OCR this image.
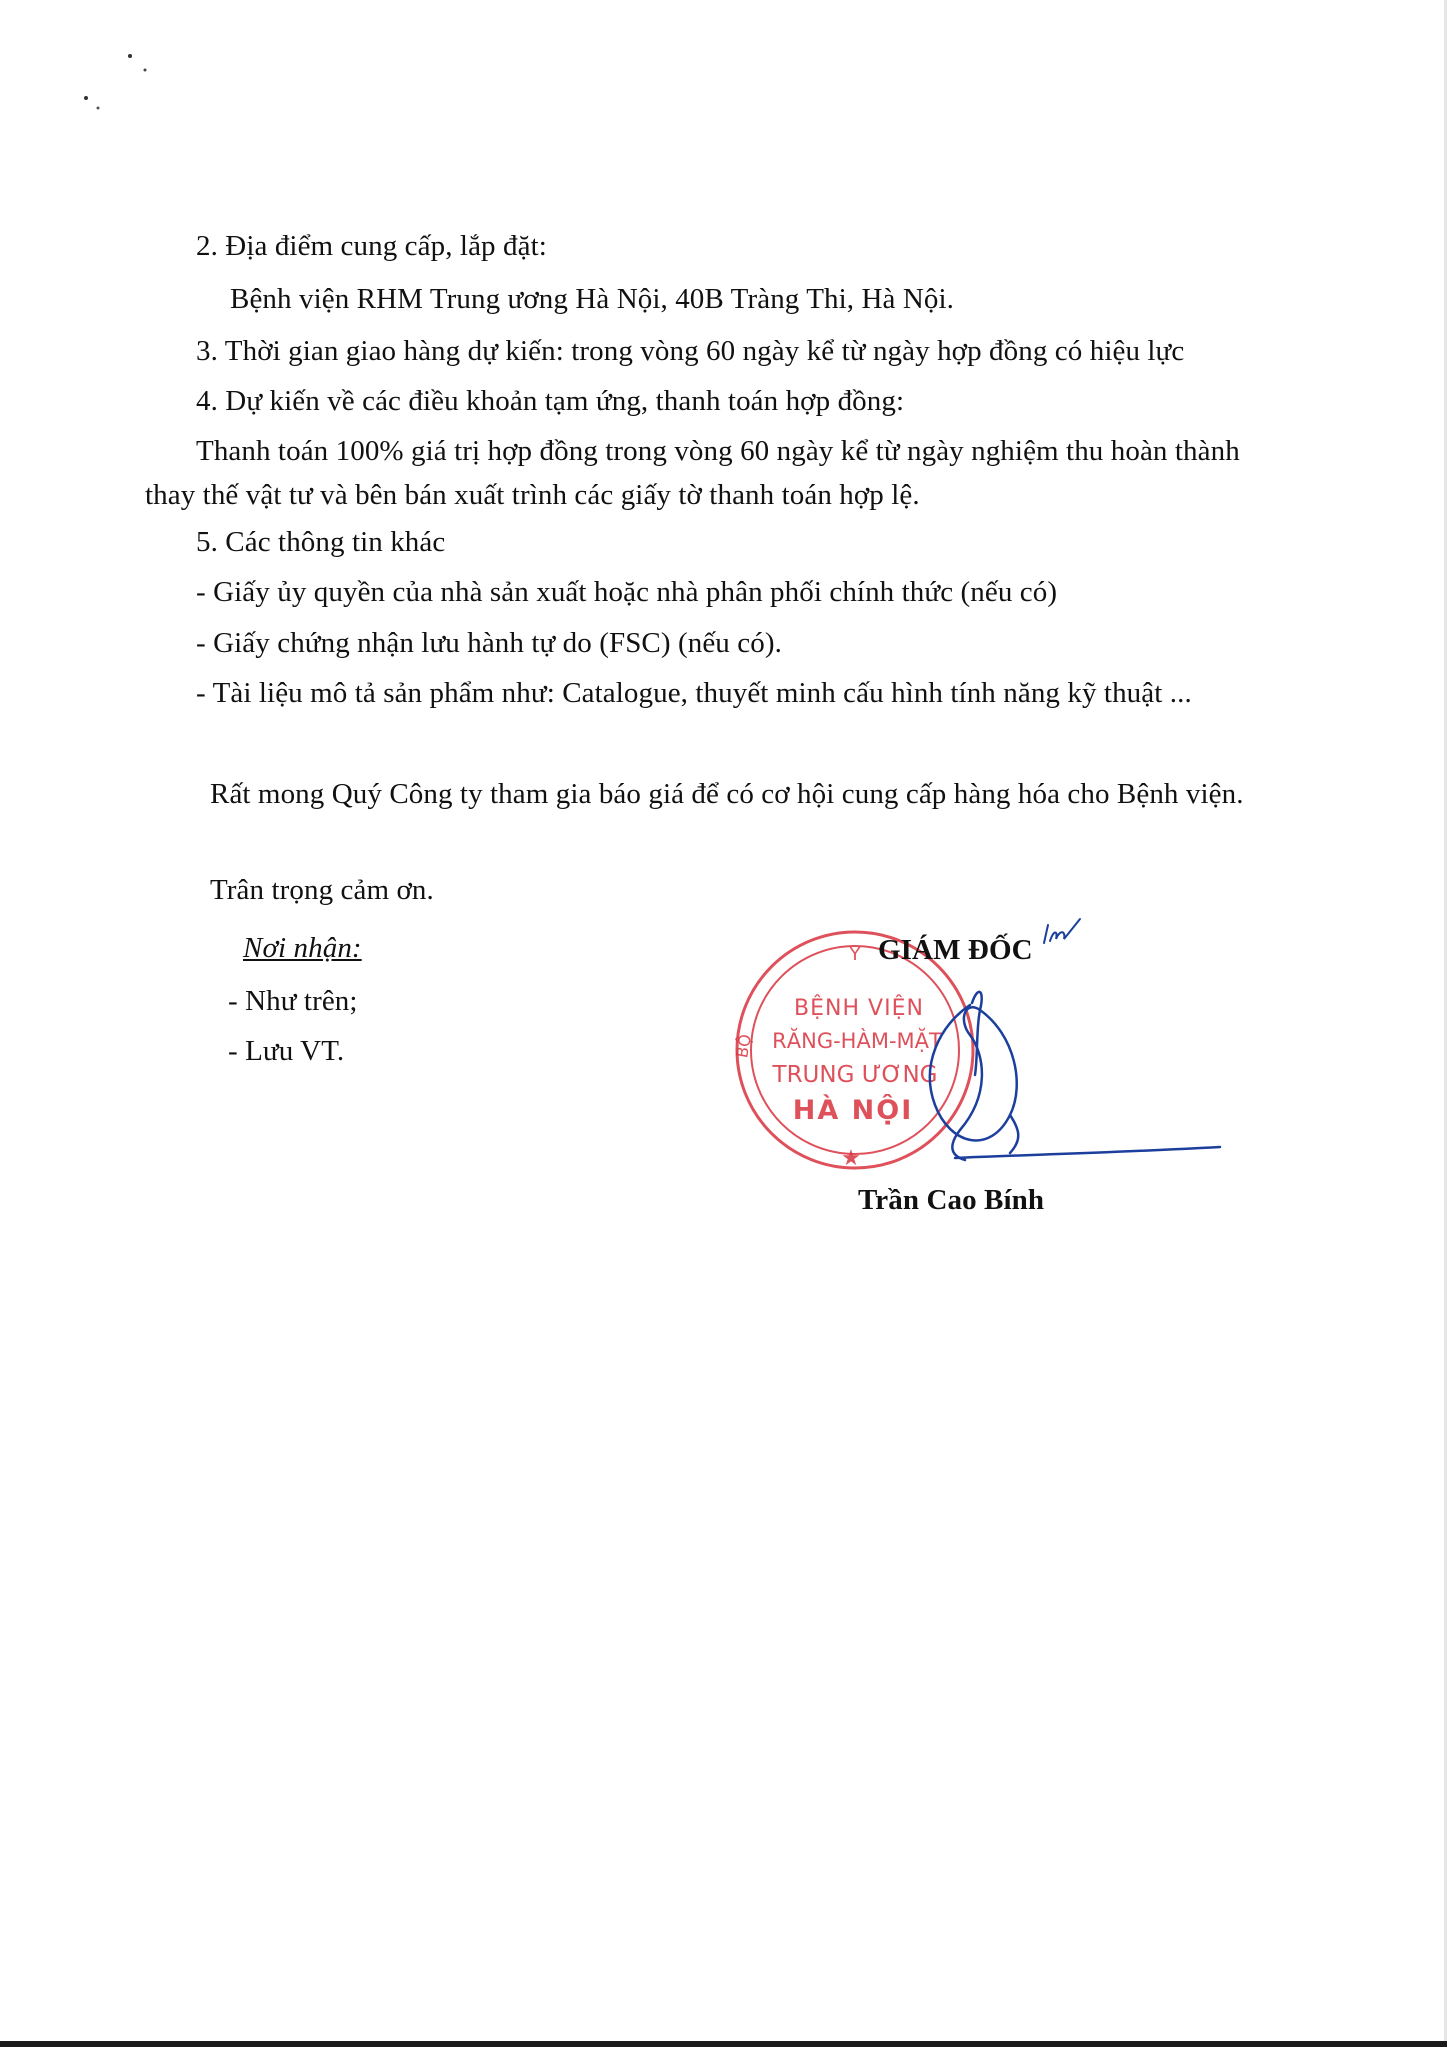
2. Địa điểm cung cấp, lắp đặt:
Bệnh viện RHM Trung ương Hà Nội, 40B Tràng Thi, Hà Nội.
3. Thời gian giao hàng dự kiến: trong vòng 60 ngày kể từ ngày hợp đồng có hiệu lực
4. Dự kiến về các điều khoản tạm ứng, thanh toán hợp đồng:
Thanh toán 100% giá trị hợp đồng trong vòng 60 ngày kể từ ngày nghiệm thu hoàn thành
thay thế vật tư và bên bán xuất trình các giấy tờ thanh toán hợp lệ.
5. Các thông tin khác
- Giấy ủy quyền của nhà sản xuất hoặc nhà phân phối chính thức (nếu có)
- Giấy chứng nhận lưu hành tự do (FSC) (nếu có).
- Tài liệu mô tả sản phẩm như: Catalogue, thuyết minh cấu hình tính năng kỹ thuật ...
Rất mong Quý Công ty tham gia báo giá để có cơ hội cung cấp hàng hóa cho Bệnh viện.
Trân trọng cảm ơn.
Nơi nhận:
- Như trên;
- Lưu VT.
Y
BỘ
BỆNH VIỆN
RĂNG-HÀM-MẶT
TRUNG ƯƠNG
HÀ NỘI
★
GIÁM ĐỐC
Trần Cao Bính
